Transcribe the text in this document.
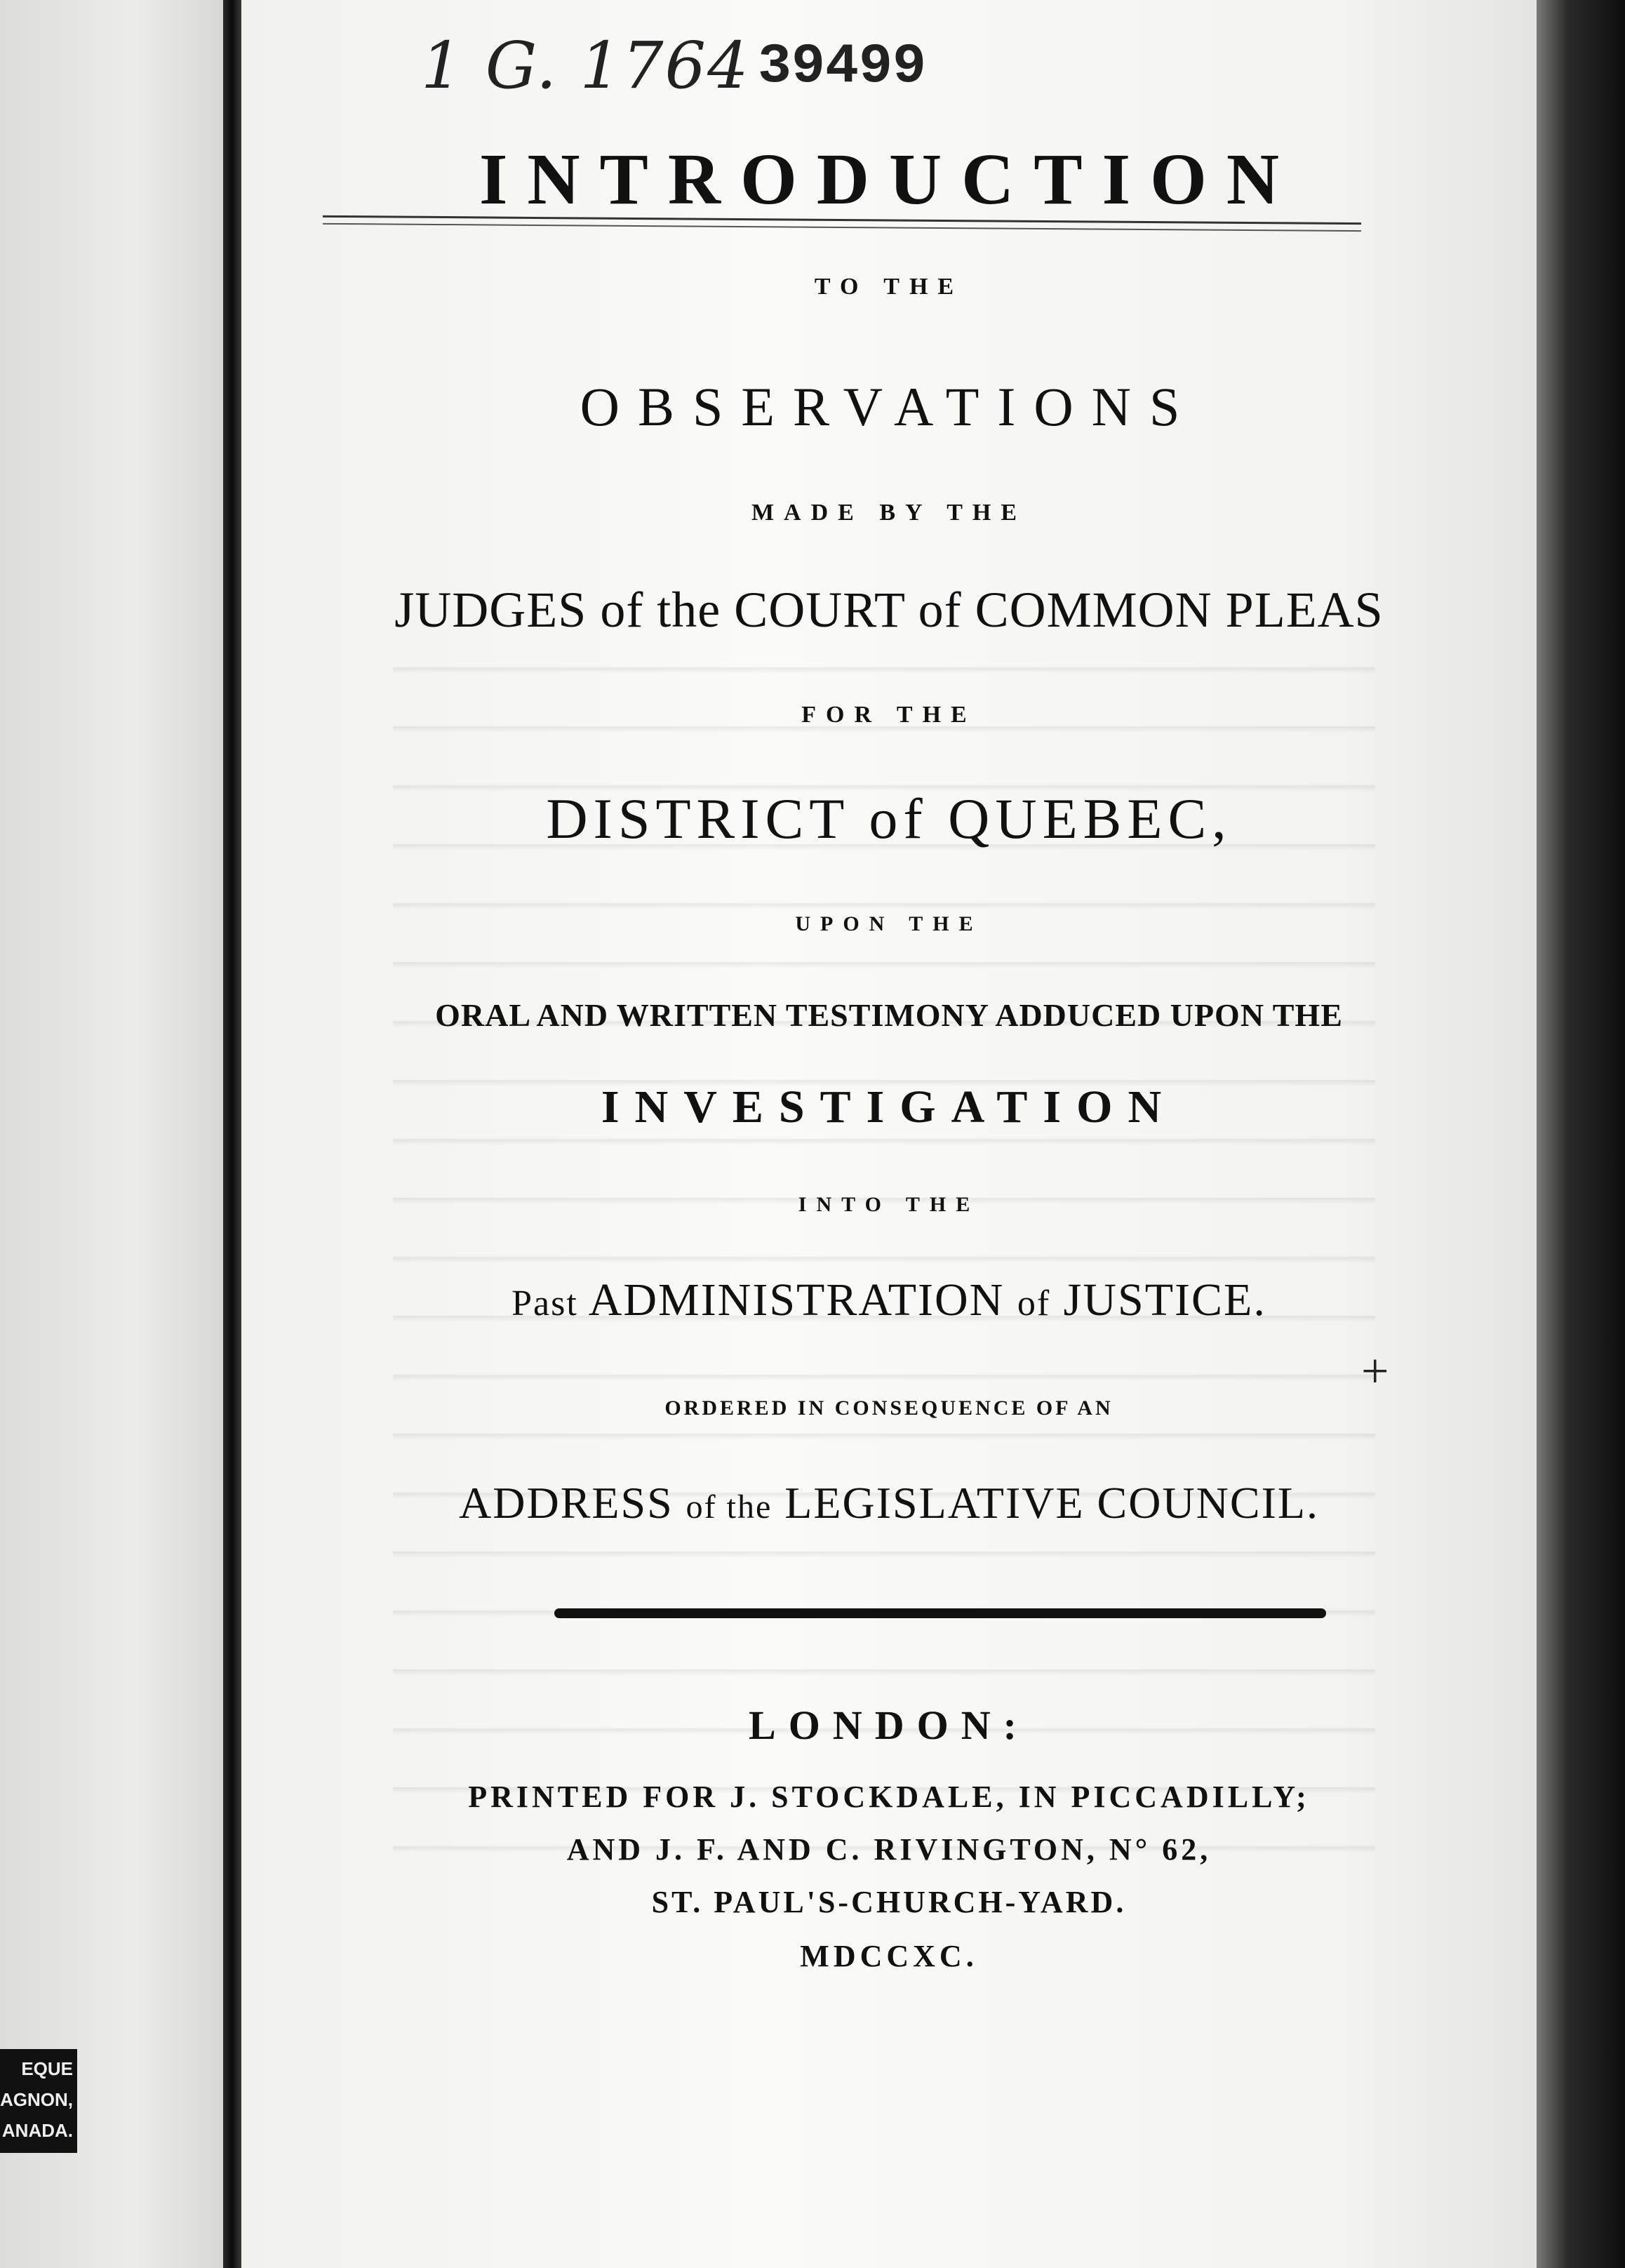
EQUE
AGNON,
ANADA.
1 G. 1764 39499
INTRODUCTION
TO THE
OBSERVATIONS
MADE BY THE
JUDGES of the COURT of COMMON PLEAS
FOR THE
DISTRICT of QUEBEC,
UPON THE
ORAL AND WRITTEN TESTIMONY ADDUCED UPON THE
INVESTIGATION
INTO THE
Past ADMINISTRATION of JUSTICE.
ORDERED IN CONSEQUENCE OF AN
ADDRESS of the LEGISLATIVE COUNCIL.
LONDON:
PRINTED FOR J. STOCKDALE, IN PICCADILLY;
AND J. F. AND C. RIVINGTON, N° 62,
ST. PAUL'S-CHURCH-YARD.
MDCCXC.
+
